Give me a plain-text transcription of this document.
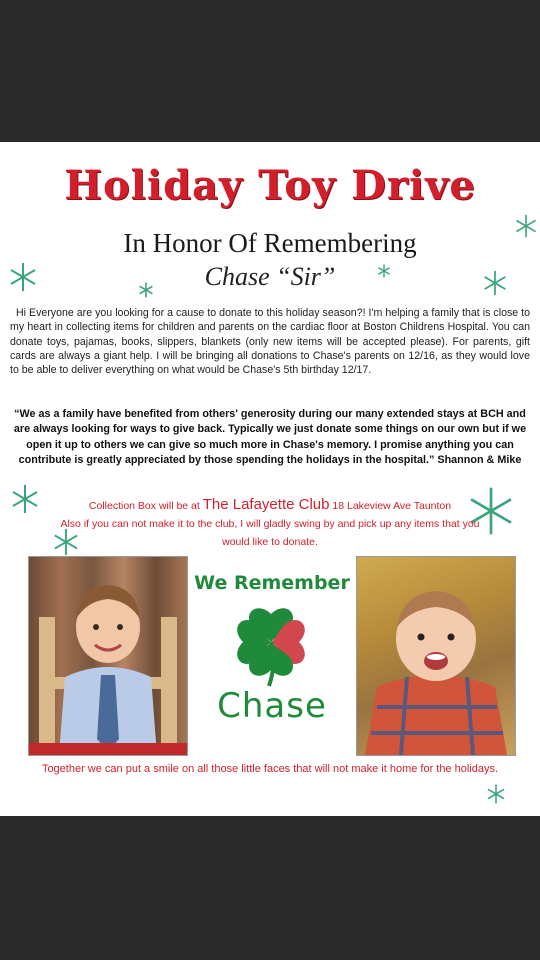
Holiday Toy Drive
In Honor Of Remembering
Chase “Sir”

Hi Everyone are you looking for a cause to donate to this holiday season?! I'm helping a family that is close to my heart in collecting items for children and parents on the cardiac floor at Boston Childrens Hospital. You can donate toys, pajamas, books, slippers, blankets (only new items will be accepted please). For parents, gift cards are always a giant help. I will be bringing all donations to Chase's parents on 12/16, as they would love to be able to deliver everything on what would be Chase's 5th birthday 12/17.

“We as a family have benefited from others' generosity during our many extended stays at BCH and are always looking for ways to give back. Typically we just donate some things on our own but if we open it up to others we can give so much more in Chase's memory. I promise anything you can contribute is greatly appreciated by those spending the holidays in the hospital.” Shannon & Mike
Collection Box will be at The Lafayette Club 18 Lakeview Ave Taunton
Also if you can not make it to the club, I will gladly swing by and pick up any items that you would like to donate.
We Remember
Chase
Together we can put a smile on all those little faces that will not make it home for the holidays.
